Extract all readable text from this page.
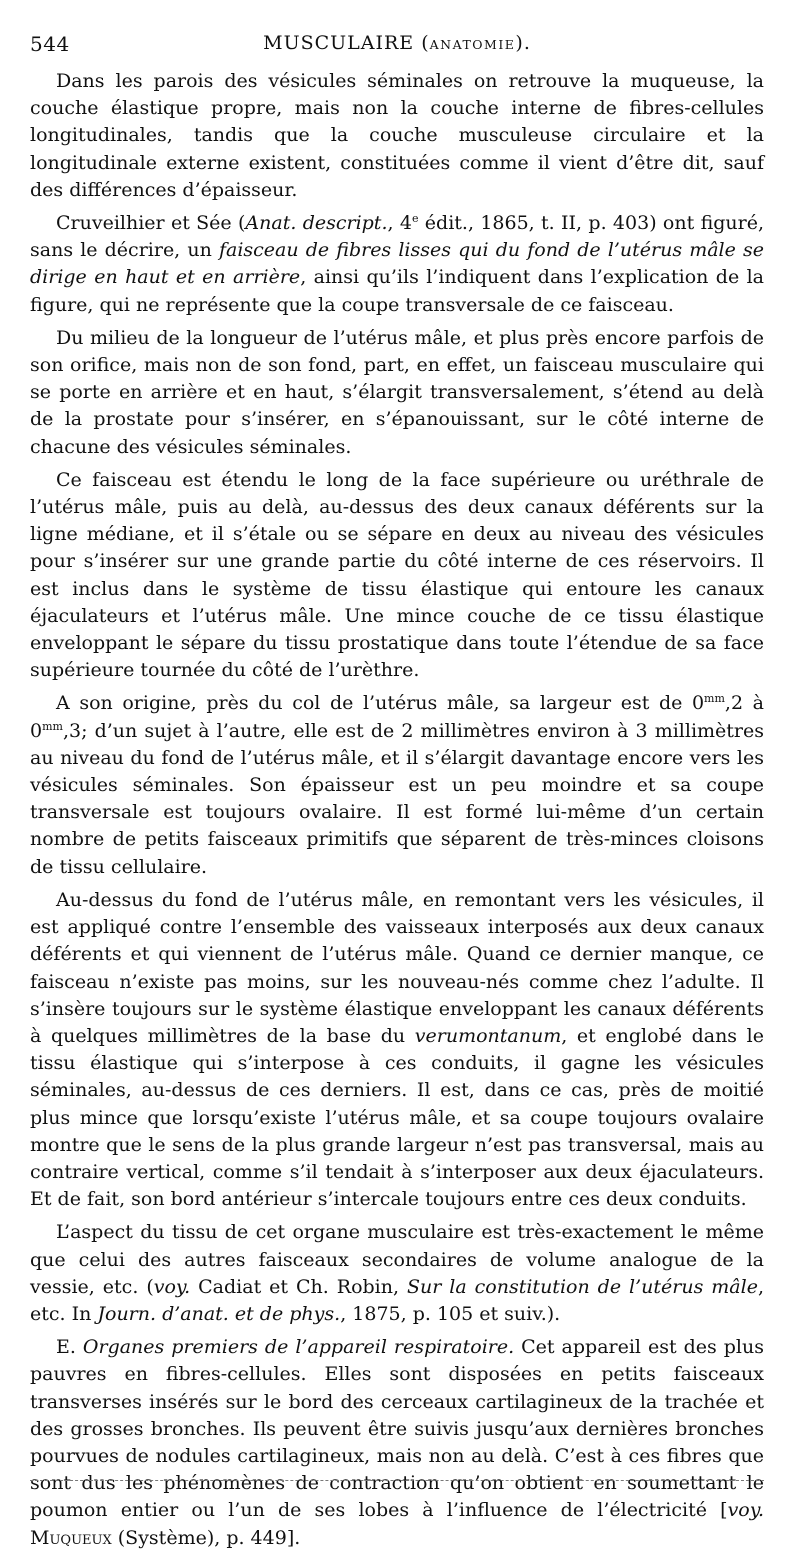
544	MUSCULAIRE (ANATOMIE).

Dans les parois des vésicules séminales on retrouve la muqueuse, la couche élastique propre, mais non la couche interne de fibres-cellules longitudinales, tandis que la couche musculeuse circulaire et la longitudinale externe existent, constituées comme il vient d’être dit, sauf des différences d’épaisseur.

Cruveilhier et Sée (Anat. descript., 4e édit., 1865, t. II, p. 403) ont figuré, sans le décrire, un faisceau de fibres lisses qui du fond de l’utérus mâle se dirige en haut et en arrière, ainsi qu’ils l’indiquent dans l’explication de la figure, qui ne représente que la coupe transversale de ce faisceau.

Du milieu de la longueur de l’utérus mâle, et plus près encore parfois de son orifice, mais non de son fond, part, en effet, un faisceau musculaire qui se porte en arrière et en haut, s’élargit transversalement, s’étend au delà de la prostate pour s’insérer, en s’épanouissant, sur le côté interne de chacune des vésicules séminales.

Ce faisceau est étendu le long de la face supérieure ou uréthrale de l’utérus mâle, puis au delà, au-dessus des deux canaux déférents sur la ligne médiane, et il s’étale ou se sépare en deux au niveau des vésicules pour s’insérer sur une grande partie du côté interne de ces réservoirs. Il est inclus dans le système de tissu élastique qui entoure les canaux éjaculateurs et l’utérus mâle. Une mince couche de ce tissu élastique enveloppant le sépare du tissu prostatique dans toute l’étendue de sa face supérieure tournée du côté de l’urèthre.

A son origine, près du col de l’utérus mâle, sa largeur est de $0^{mm},2$ à $0^{mm},3$; d’un sujet à l’autre, elle est de 2 millimètres environ à 3 millimètres au niveau du fond de l’utérus mâle, et il s’élargit davantage encore vers les vésicules séminales. Son épaisseur est un peu moindre et sa coupe transversale est toujours ovalaire. Il est formé lui-même d’un certain nombre de petits faisceaux primitifs que séparent de très-minces cloisons de tissu cellulaire.

Au-dessus du fond de l’utérus mâle, en remontant vers les vésicules, il est appliqué contre l’ensemble des vaisseaux interposés aux deux canaux déférents et qui viennent de l’utérus mâle. Quand ce dernier manque, ce faisceau n’existe pas moins, sur les nouveau-nés comme chez l’adulte. Il s’insère toujours sur le système élastique enveloppant les canaux déférents à quelques millimètres de la base du verumontanum, et englobé dans le tissu élastique qui s’interpose à ces conduits, il gagne les vésicules séminales, au-dessus de ces derniers. Il est, dans ce cas, près de moitié plus mince que lorsqu’existe l’utérus mâle, et sa coupe toujours ovalaire montre que le sens de la plus grande largeur n’est pas transversal, mais au contraire vertical, comme s’il tendait à s’interposer aux deux éjaculateurs. Et de fait, son bord antérieur s’intercale toujours entre ces deux conduits.

L’aspect du tissu de cet organe musculaire est très-exactement le même que celui des autres faisceaux secondaires de volume analogue de la vessie, etc. (voy. Cadiat et Ch. Robin, Sur la constitution de l’utérus mâle, etc. In Journ. d’anat. et de phys., 1875, p. 105 et suiv.).

E. Organes premiers de l’appareil respiratoire. Cet appareil est des plus pauvres en fibres-cellules. Elles sont disposées en petits faisceaux transverses insérés sur le bord des cerceaux cartilagineux de la trachée et des grosses bronches. Ils peuvent être suivis jusqu’aux dernières bronches pourvues de nodules cartilagineux, mais non au delà. C’est à ces fibres que sont dus les phénomènes de contraction qu’on obtient en soumettant le poumon entier ou l’un de ses lobes à l’influence de l’électricité [voy. Muqueux (Système), p. 449].
